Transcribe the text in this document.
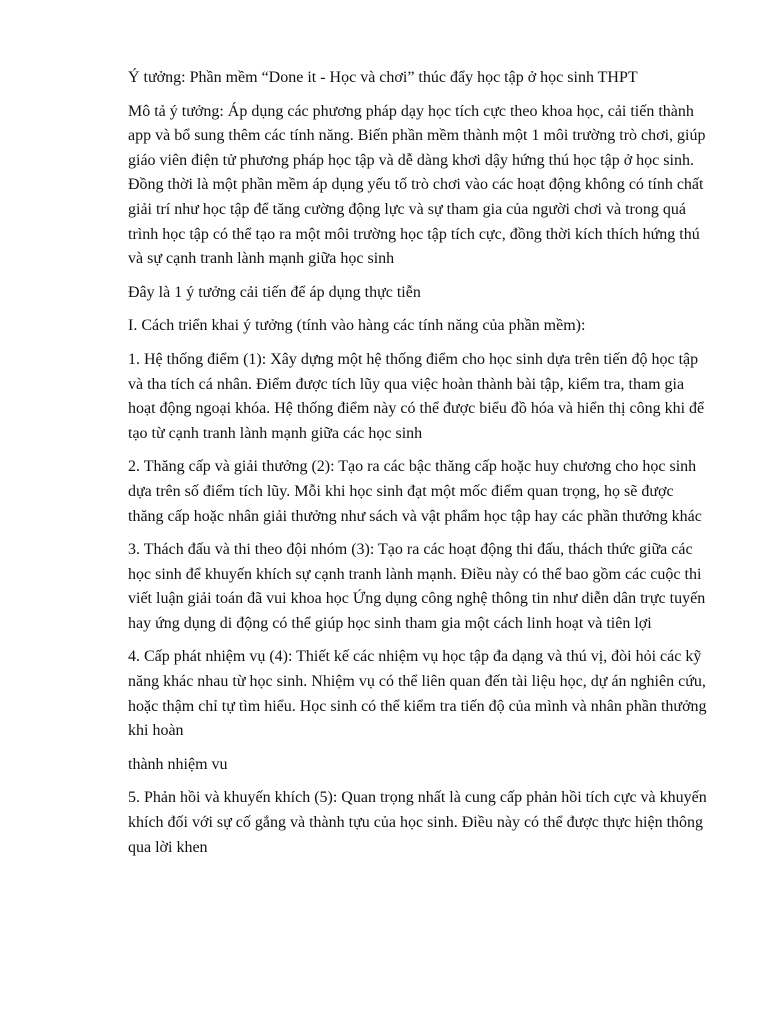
Ý tưởng: Phần mềm “Done it - Học và chơi” thúc đẩy học tập ở học sinh THPT

Mô tả ý tưởng: Áp dụng các phương pháp dạy học tích cực theo khoa học, cải tiến thành app và bổ sung thêm các tính năng. Biến phần mềm thành một 1 môi trường trò chơi, giúp giáo viên điện tử phương pháp học tập và dễ dàng khơi dậy hứng thú học tập ở học sinh. Đồng thời là một phần mềm áp dụng yếu tố trò chơi vào các hoạt động không có tính chất giải trí như học tập để tăng cường động lực và sự tham gia của người chơi và trong quá trình học tập có thể tạo ra một môi trường học tập tích cực, đồng thời kích thích hứng thú và sự cạnh tranh lành mạnh giữa học sinh

Đây là 1 ý tưởng cải tiến để áp dụng thực tiễn

I. Cách triển khai ý tưởng (tính vào hàng các tính năng của phần mềm):

1. Hệ thống điểm (1): Xây dựng một hệ thống điểm cho học sinh dựa trên tiến độ học tập và tha tích cá nhân. Điểm được tích lũy qua việc hoàn thành bài tập, kiểm tra, tham gia hoạt động ngoại khóa. Hệ thống điểm này có thể được biểu đồ hóa và hiển thị công khi để tạo từ cạnh tranh lành mạnh giữa các học sinh

2. Thăng cấp và giải thưởng (2): Tạo ra các bậc thăng cấp hoặc huy chương cho học sinh dựa trên số điểm tích lũy. Mỗi khi học sinh đạt một mốc điểm quan trọng, họ sẽ được thăng cấp hoặc nhân giải thưởng như sách và vật phẩm học tập hay các phần thưởng khác

3. Thách đấu và thi theo đội nhóm (3): Tạo ra các hoạt động thi đấu, thách thức giữa các học sinh để khuyến khích sự cạnh tranh lành mạnh. Điều này có thể bao gồm các cuộc thi viết luận giải toán đã vui khoa học Ứng dụng công nghệ thông tin như diễn dân trực tuyến hay ứng dụng di động có thể giúp học sinh tham gia một cách linh hoạt và tiên lợi

4. Cấp phát nhiệm vụ (4): Thiết kế các nhiệm vụ học tập đa dạng và thú vị, đòi hỏi các kỹ năng khác nhau từ học sinh. Nhiệm vụ có thể liên quan đến tài liệu học, dự án nghiên cứu, hoặc thậm chỉ tự tìm hiểu. Học sinh có thể kiểm tra tiến độ của mình và nhân phần thưởng khi hoàn

thành nhiệm vu

5. Phản hồi và khuyến khích (5): Quan trọng nhất là cung cấp phản hồi tích cực và khuyến khích đối với sự cố gắng và thành tựu của học sinh. Điều này có thể được thực hiện thông qua lời khen
